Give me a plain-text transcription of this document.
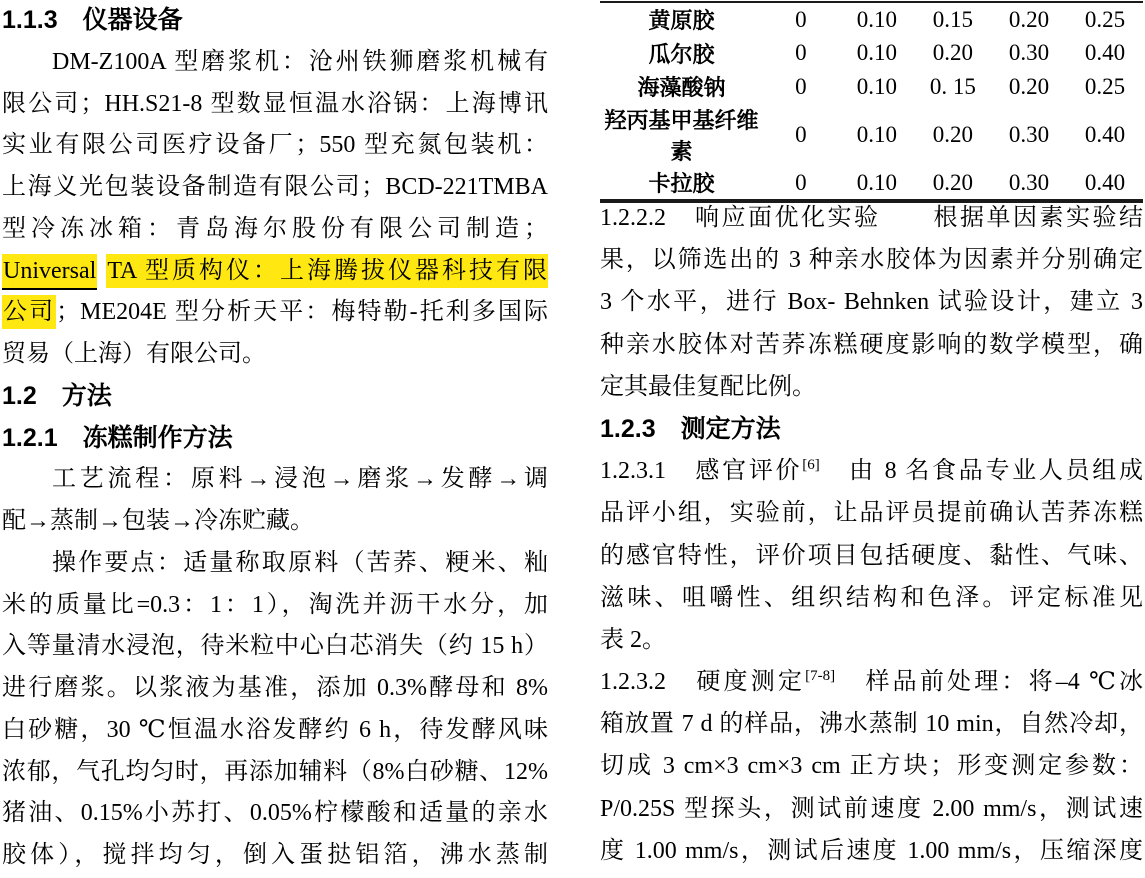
1.1.3　仪器设备
DM-Z100A 型磨浆机：沧州铁狮磨浆机械有
限公司；HH.S21-8 型数显恒温水浴锅：上海博讯
实业有限公司医疗设备厂；550 型充氮包装机：
上海义光包装设备制造有限公司；BCD-221TMBA
型冷冻冰箱：青岛海尔股份有限公司制造；
Universal TA 型质构仪：上海腾拔仪器科技有限
公司；ME204E 型分析天平：梅特勒-托利多国际
贸易（上海）有限公司。
1.2　方法
1.2.1　冻糕制作方法
工艺流程：原料→浸泡→磨浆→发酵→调
配→蒸制→包装→冷冻贮藏。
操作要点：适量称取原料（苦荞、粳米、籼
米的质量比=0.3：1：1），淘洗并沥干水分，加
入等量清水浸泡，待米粒中心白芯消失（约 15 h）
进行磨浆。以浆液为基准，添加 0.3%酵母和 8%
白砂糖，30 ℃恒温水浴发酵约 6 h，待发酵风味
浓郁，气孔均匀时，再添加辅料（8%白砂糖、12%
猪油、0.15%小苏打、0.05%柠檬酸和适量的亲水
胶体），搅拌均匀，倒入蛋挞铝箔，沸水蒸制
黄原胶	0	0.10	0.15	0.20	0.25
瓜尔胶	0	0.10	0.20	0.30	0.40
海藻酸钠	0	0.10	0. 15	0.20	0.25
羟丙基甲基纤维素	0	0.10	0.20	0.30	0.40
卡拉胶	0	0.10	0.20	0.30	0.40
1.2.2.2　响应面优化实验　　根据单因素实验结
果，以筛选出的 3 种亲水胶体为因素并分别确定
3 个水平，进行 Box- Behnken 试验设计，建立 3
种亲水胶体对苦荞冻糕硬度影响的数学模型，确
定其最佳复配比例。
1.2.3　测定方法
1.2.3.1　感官评价[6]　由 8 名食品专业人员组成
品评小组，实验前，让品评员提前确认苦荞冻糕
的感官特性，评价项目包括硬度、黏性、气味、
滋味、咀嚼性、组织结构和色泽。评定标准见
表 2。
1.2.3.2　硬度测定[7-8]　样品前处理：将–4 ℃冰
箱放置 7 d 的样品，沸水蒸制 10 min，自然冷却，
切成 3 cm×3 cm×3 cm 正方块；形变测定参数：
P/0.25S 型探头，测试前速度 2.00 mm/s，测试速
度 1.00 mm/s，测试后速度 1.00 mm/s，压缩深度
